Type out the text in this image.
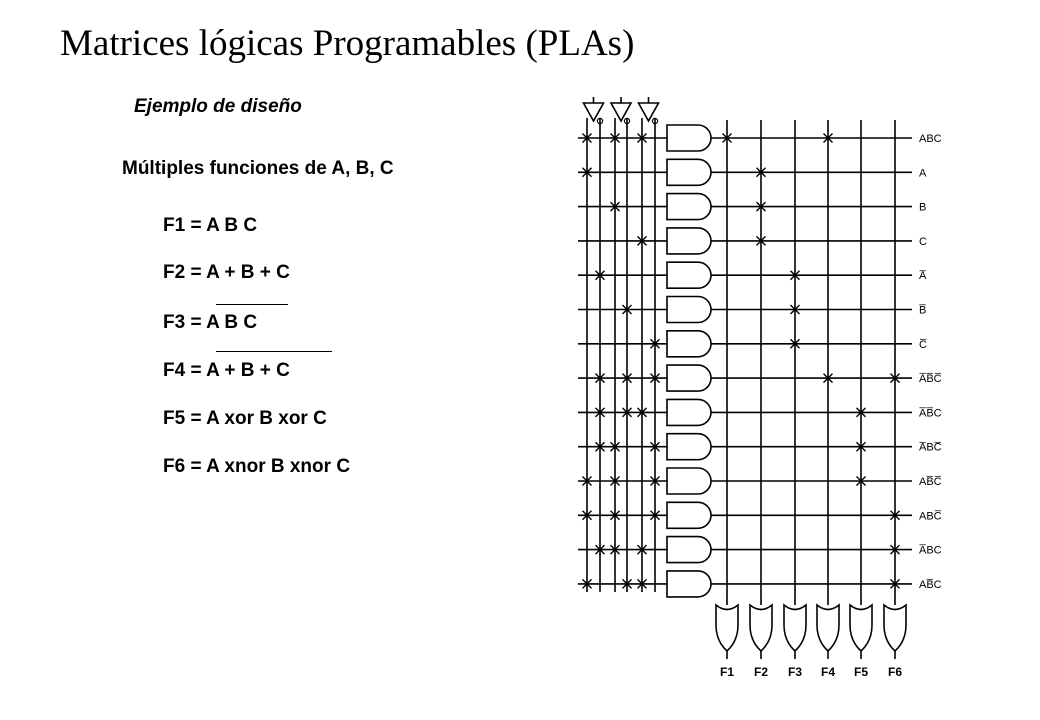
Matrices lógicas Programables (PLAs)
Ejemplo de diseño
Múltiples funciones de A, B, C
F1 = A B C
F2 = A + B + C
F3 = A B C
F4 = A + B + C
F5 = A xor B xor C
F6 = A xnor B xnor C
ABC
A
B
C
A̅
B̅
C̅
A̅B̅C̅
A̅B̅C
A̅BC̅
AB̅C̅
ABC̅
A̅BC
AB̅C
F1 F2 F3 F4 F5 F6
